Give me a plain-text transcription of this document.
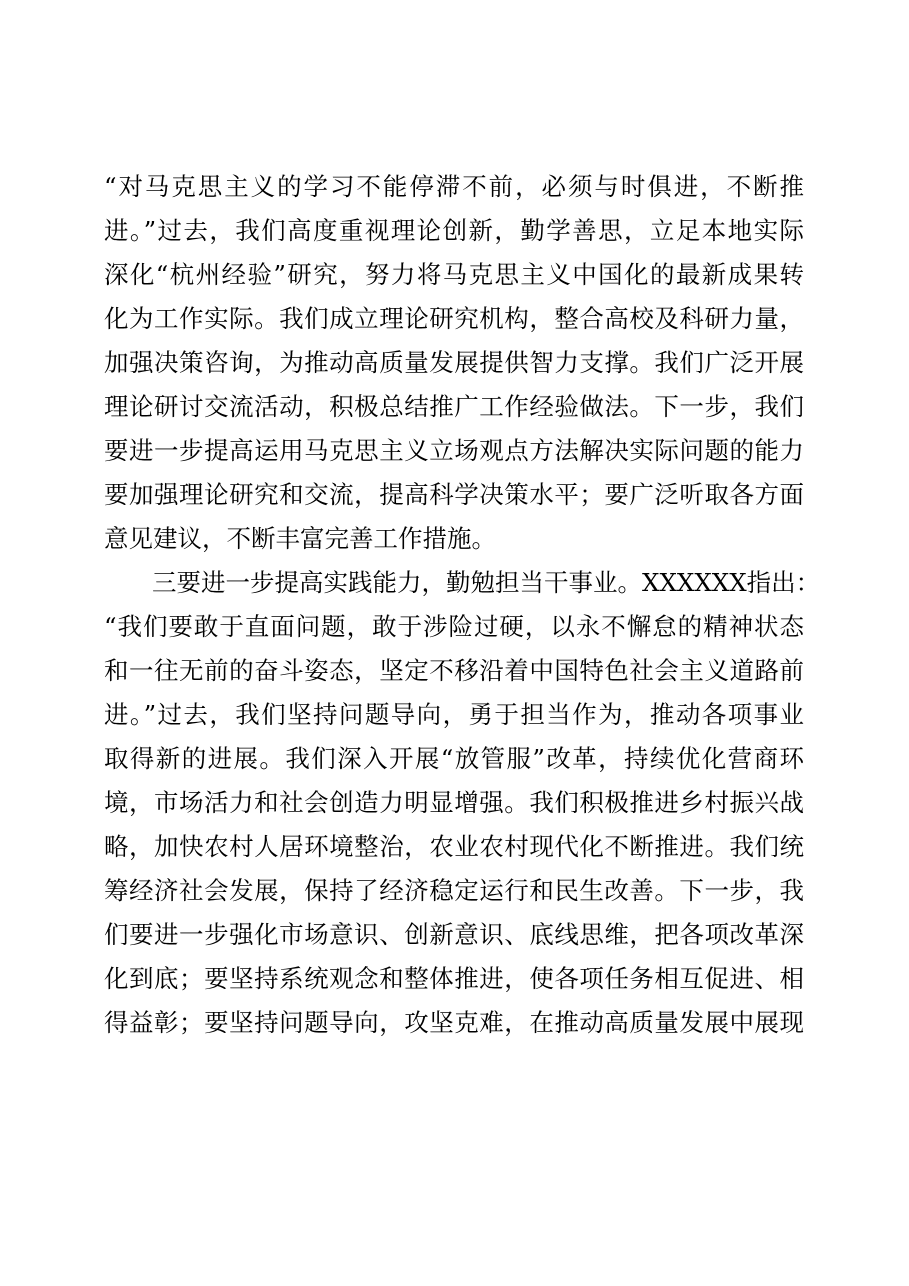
“对马克思主义的学习不能停滞不前，必须与时俱进，不断推
进。”过去，我们高度重视理论创新，勤学善思，立足本地实际
深化“杭州经验”研究，努力将马克思主义中国化的最新成果转
化为工作实际。我们成立理论研究机构，整合高校及科研力量，
加强决策咨询，为推动高质量发展提供智力支撑。我们广泛开展
理论研讨交流活动，积极总结推广工作经验做法。下一步，我们
要进一步提高运用马克思主义立场观点方法解决实际问题的能力
要加强理论研究和交流，提高科学决策水平；要广泛听取各方面
意见建议，不断丰富完善工作措施。
三要进一步提高实践能力，勤勉担当干事业。XXXXXX指出：
“我们要敢于直面问题，敢于涉险过硬，以永不懈怠的精神状态
和一往无前的奋斗姿态，坚定不移沿着中国特色社会主义道路前
进。”过去，我们坚持问题导向，勇于担当作为，推动各项事业
取得新的进展。我们深入开展“放管服”改革，持续优化营商环
境，市场活力和社会创造力明显增强。我们积极推进乡村振兴战
略，加快农村人居环境整治，农业农村现代化不断推进。我们统
筹经济社会发展，保持了经济稳定运行和民生改善。下一步，我
们要进一步强化市场意识、创新意识、底线思维，把各项改革深
化到底；要坚持系统观念和整体推进，使各项任务相互促进、相
得益彰；要坚持问题导向，攻坚克难，在推动高质量发展中展现
